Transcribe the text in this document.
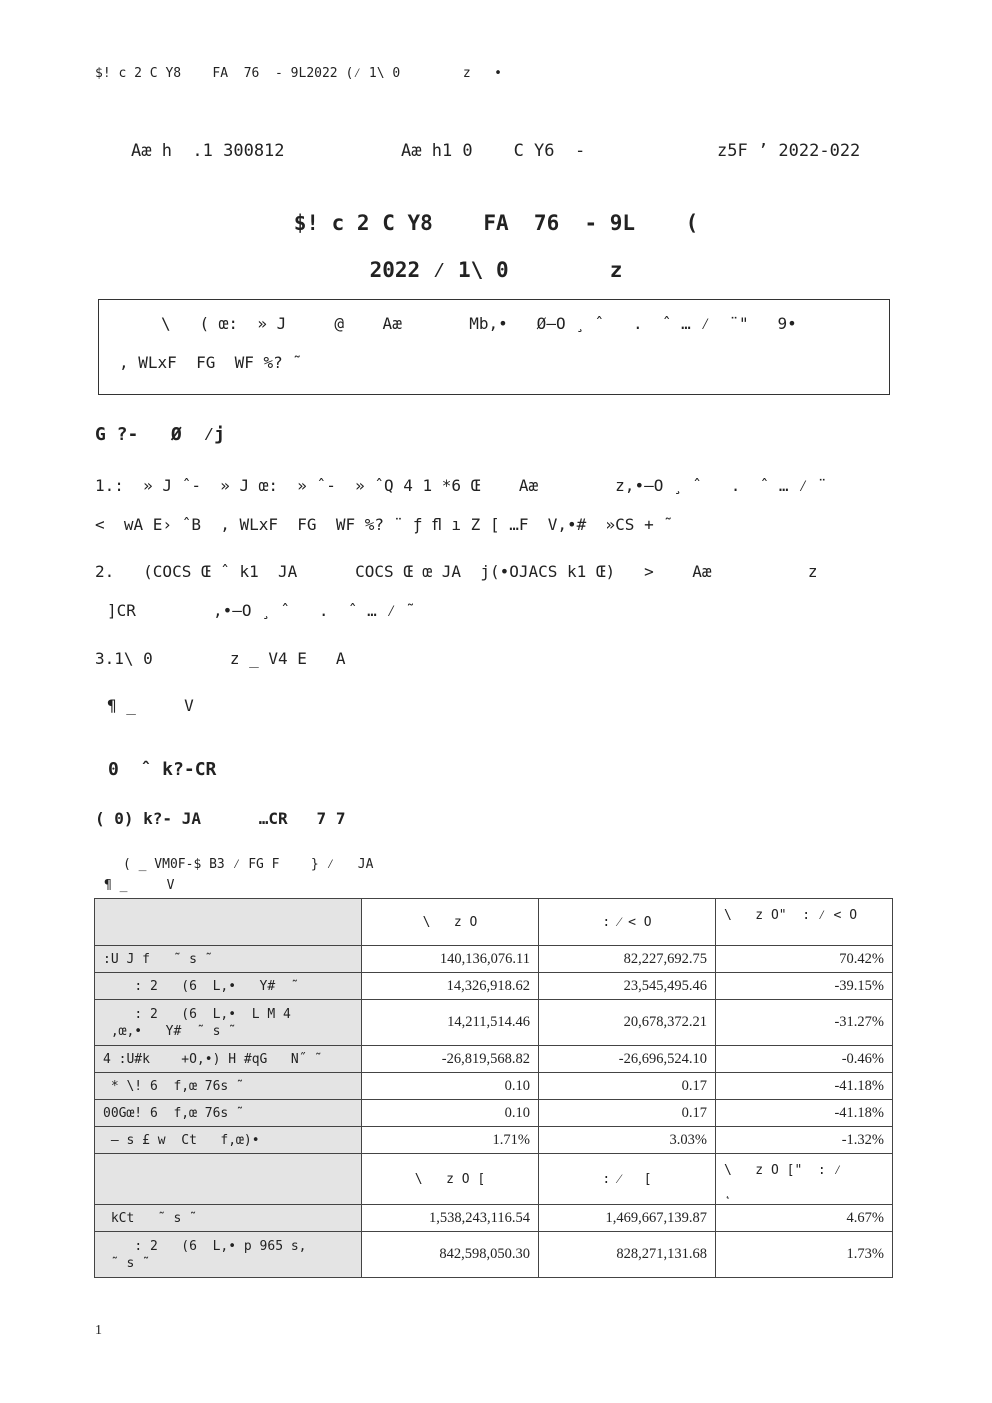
$! c 2 C Y8    FA  76  - 9L2022 (⁄ 1\ 0        z   •
Aæ h  .1 300812	Aæ h1 0    C Y6  -	z5F ’ 2022-022
$! c 2 C Y8    FA  76  - 9L    (
2022 ⁄ 1\ 0        z
\   ( œ:  » J     @    Aæ       Mb,•   Ø–O ¸ ˆ   .  ˆ … ⁄  ¨"   9•
, WLxF  FG  WF %? ˜
G ?-   Ø  ⁄j
1.:  » J ˆ-  » J œ:  » ˆ-  » ˆQ 4 1 *6 Œ    Aæ        z,•–O ¸ ˆ   .  ˆ … ⁄ ¨
<  wA E› ˆB  , WLxF  FG  WF %? ¨ ƒ ﬂ ı Z [ …F  V,•#  »CS + ˜
2.   (COCS Œ ˆ k1  JA      COCS Œ œ JA  j(•OJACS k1 Œ)   >    Aæ          z
]CR        ,•–O ¸ ˆ   .  ˆ … ⁄ ˜
3.1\ 0        z _ V4 E   A
¶ _     V
0  ˆ k?-CR
( 0) k?- JA      …CR   7 7
( _ VM0F-$ B3 ⁄ FG F    } ⁄   JA
¶ _     V
	\   z O	: ⁄ < O	\   z O"  : ⁄ < O
:U J f   ˜ s ˜	140,136,076.11	82,227,692.75	70.42%
: 2   (6  L,•   Y#  ˜	14,326,918.62	23,545,495.46	-39.15%
: 2   (6  L,•  L M 4
,œ,•   Y#  ˜ s ˜	14,211,514.46	20,678,372.21	-31.27%
4 :U#k    +O,•) H #qG   N˝ ˜	-26,819,568.82	-26,696,524.10	-0.46%
* \! 6  f,œ 76s ˜	0.10	0.17	-41.18%
00Gœ! 6  f,œ 76s ˜	0.10	0.17	-41.18%
– s £ w  Ct   f,œ)•	1.71%	3.03%	-1.32%
	\   z O [	: ⁄   [	\   z O ["  : ⁄
˛
kCt   ˜ s ˜	1,538,243,116.54	1,469,667,139.87	4.67%
: 2   (6  L,• p 965 s,
˜ s ˜	842,598,050.30	828,271,131.68	1.73%
1
